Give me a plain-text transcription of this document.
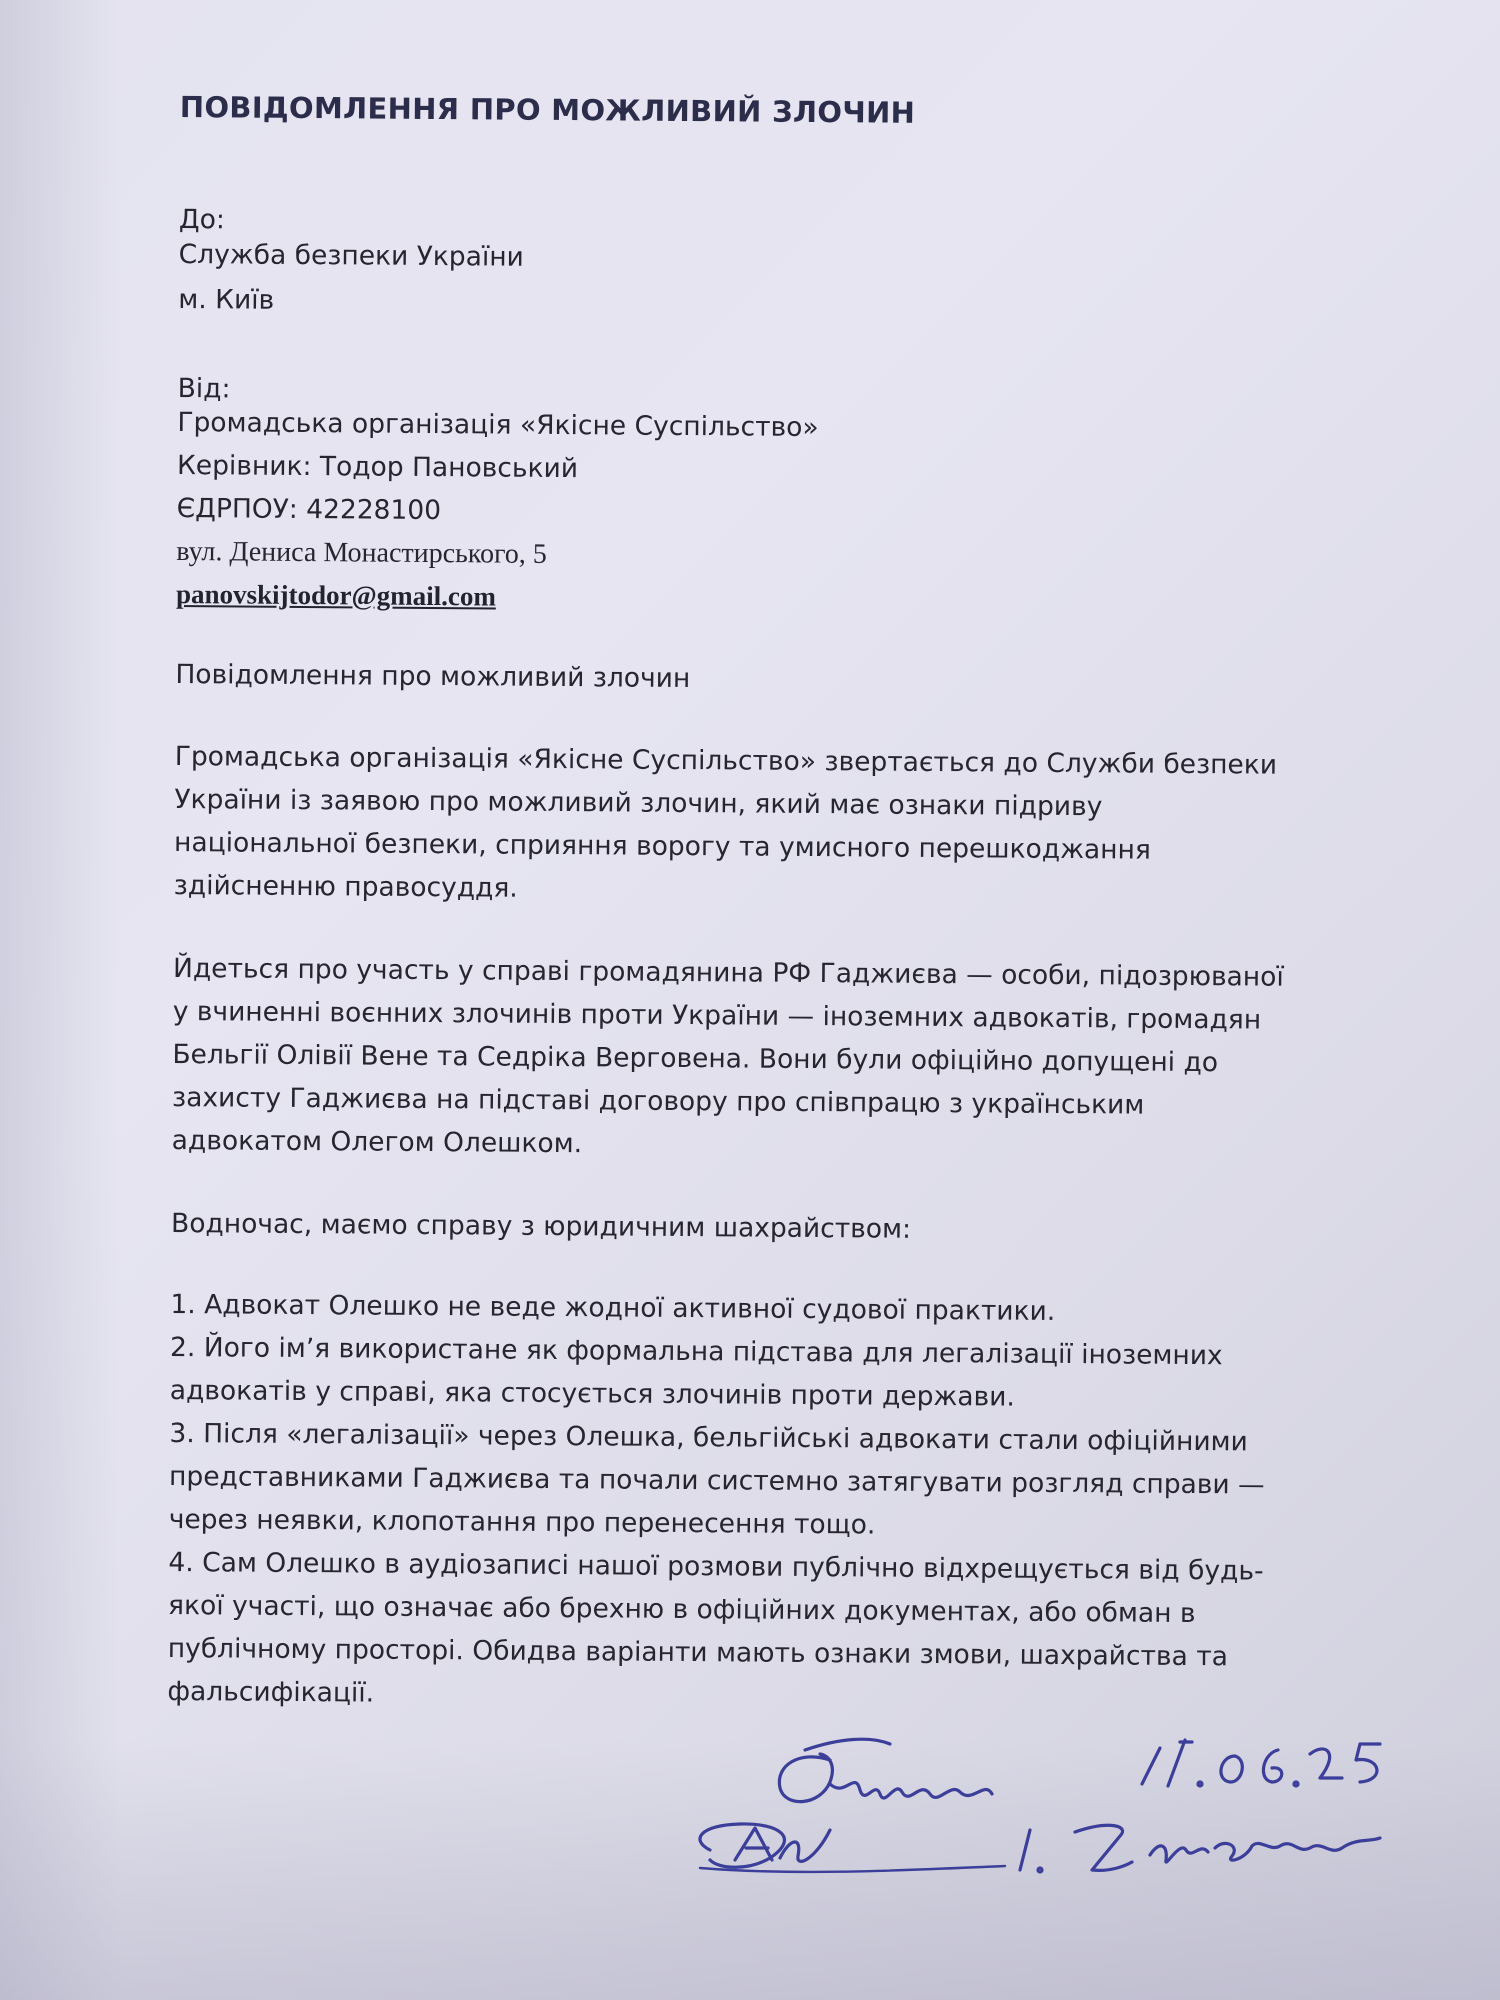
ПОВІДОМЛЕННЯ ПРО МОЖЛИВИЙ ЗЛОЧИН
До:
Служба безпеки України
м. Київ
Від:
Громадська організація «Якісне Суспільство»
Керівник: Тодор Пановський
ЄДРПОУ: 42228100
вул. Дениса Монастирського, 5
panovskijtodor@gmail.com
Повідомлення про можливий злочин
Громадська організація «Якісне Суспільство» звертається до Служби безпеки
України із заявою про можливий злочин, який має ознаки підриву
національної безпеки, сприяння ворогу та умисного перешкоджання
здійсненню правосуддя.
Йдеться про участь у справі громадянина РФ Гаджиєва — особи, підозрюваної
у вчиненні воєнних злочинів проти України — іноземних адвокатів, громадян
Бельгії Олівії Вене та Седріка Верговена. Вони були офіційно допущені до
захисту Гаджиєва на підставі договору про співпрацю з українським
адвокатом Олегом Олешком.
Водночас, маємо справу з юридичним шахрайством:
1. Адвокат Олешко не веде жодної активної судової практики.
2. Його ім’я використане як формальна підстава для легалізації іноземних
адвокатів у справі, яка стосується злочинів проти держави.
3. Після «легалізації» через Олешка, бельгійські адвокати стали офіційними
представниками Гаджиєва та почали системно затягувати розгляд справи —
через неявки, клопотання про перенесення тощо.
4. Сам Олешко в аудіозаписі нашої розмови публічно відхрещується від будь-
якої участі, що означає або брехню в офіційних документах, або обман в
публічному просторі. Обидва варіанти мають ознаки змови, шахрайства та
фальсифікації.
